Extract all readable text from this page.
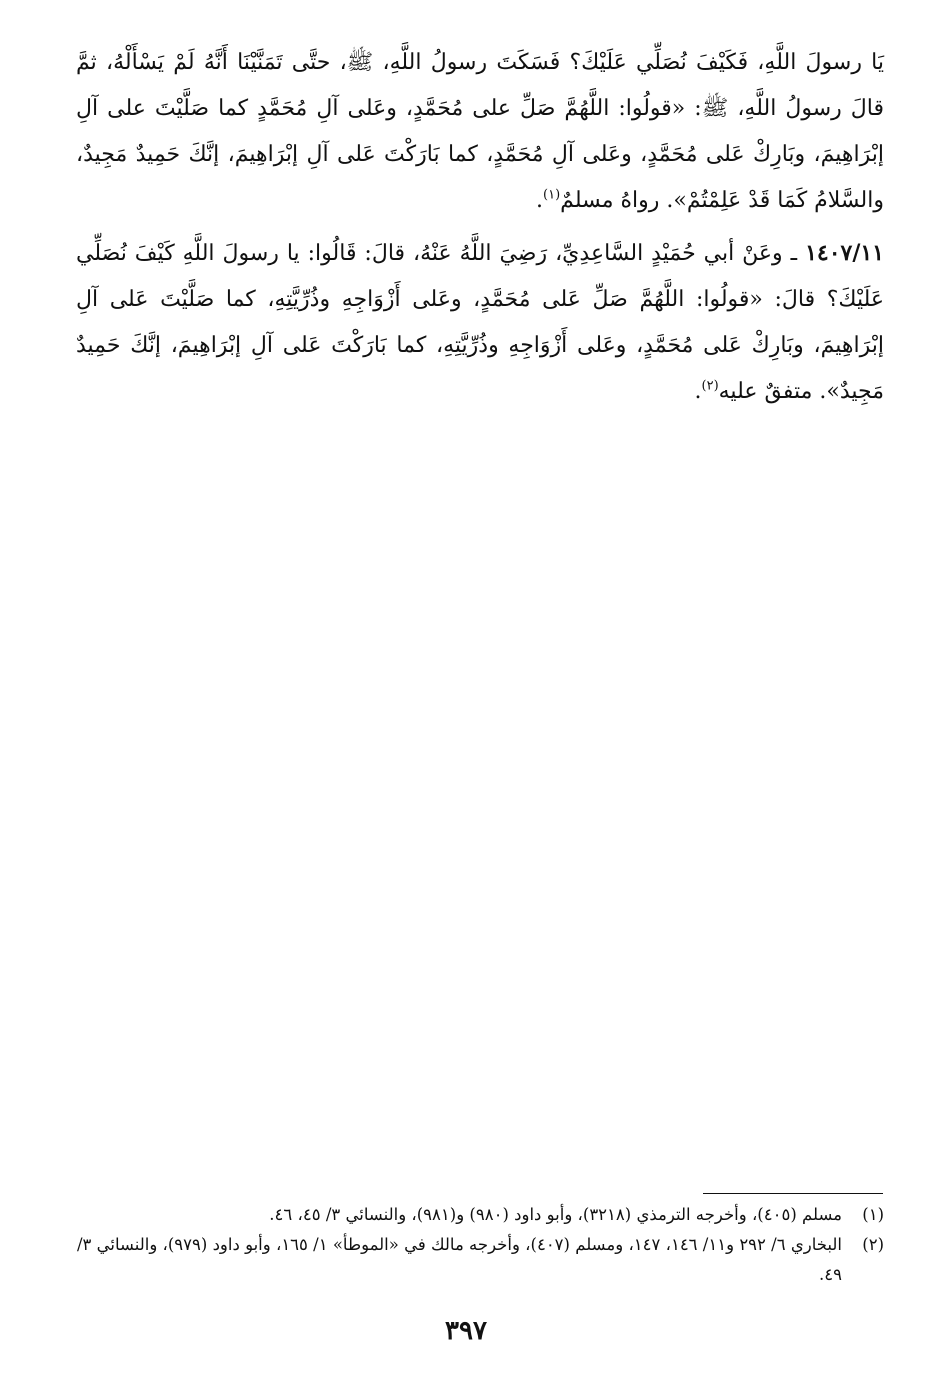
يَا رسولَ اللَّهِ، فَكَيْفَ نُصَلِّي عَلَيْكَ؟ فَسَكَتَ رسولُ اللَّهِ، ﷺ، حتَّى تَمَنَّيْنَا أَنَّهُ لَمْ يَسْأَلْهُ، ثمَّ قالَ رسولُ اللَّهِ، ﷺ: «قولُوا: اللَّهُمَّ صَلِّ على مُحَمَّدٍ، وعَلى آلِ مُحَمَّدٍ كما صَلَّيْتَ على آلِ إبْرَاهِيمَ، وبَارِكْ عَلى مُحَمَّدٍ، وعَلى آلِ مُحَمَّدٍ، كما بَارَكْتَ عَلى آلِ إبْرَاهِيمَ، إنَّكَ حَمِيدٌ مَجِيدٌ، والسَّلامُ كَمَا قَدْ عَلِمْتُمْ». رواهُ مسلمٌ$^{(١)}$.

١٤٠٧/١١ ـ وعَنْ أبي حُمَيْدٍ السَّاعِدِيِّ، رَضِيَ اللَّهُ عَنْهُ، قالَ: قَالُوا: يا رسولَ اللَّهِ كَيْفَ نُصَلِّي عَلَيْكَ؟ قالَ: «قولُوا: اللَّهُمَّ صَلِّ عَلى مُحَمَّدٍ، وعَلى أَزْوَاجِهِ وذُرِّيَّتِهِ، كما صَلَّيْتَ عَلى آلِ إبْرَاهِيمَ، وبَارِكْ عَلى مُحَمَّدٍ، وعَلى أَزْوَاجِهِ وذُرِّيَّتِهِ، كما بَارَكْتَ عَلى آلِ إبْرَاهِيمَ، إنَّكَ حَمِيدٌ مَجِيدٌ». متفقٌ عليه$^{(٢)}$.

(١)
مسلم (٤٠٥)، وأخرجه الترمذي (٣٢١٨)، وأبو داود (٩٨٠) و(٩٨١)، والنسائي ٣/ ٤٥، ٤٦.
(٢)
البخاري ٦/ ٢٩٢ و١١/ ١٤٦، ١٤٧، ومسلم (٤٠٧)، وأخرجه مالك في «الموطأ» ١/ ١٦٥، وأبو داود (٩٧٩)، والنسائي ٣/ ٤٩.
٣٩٧
